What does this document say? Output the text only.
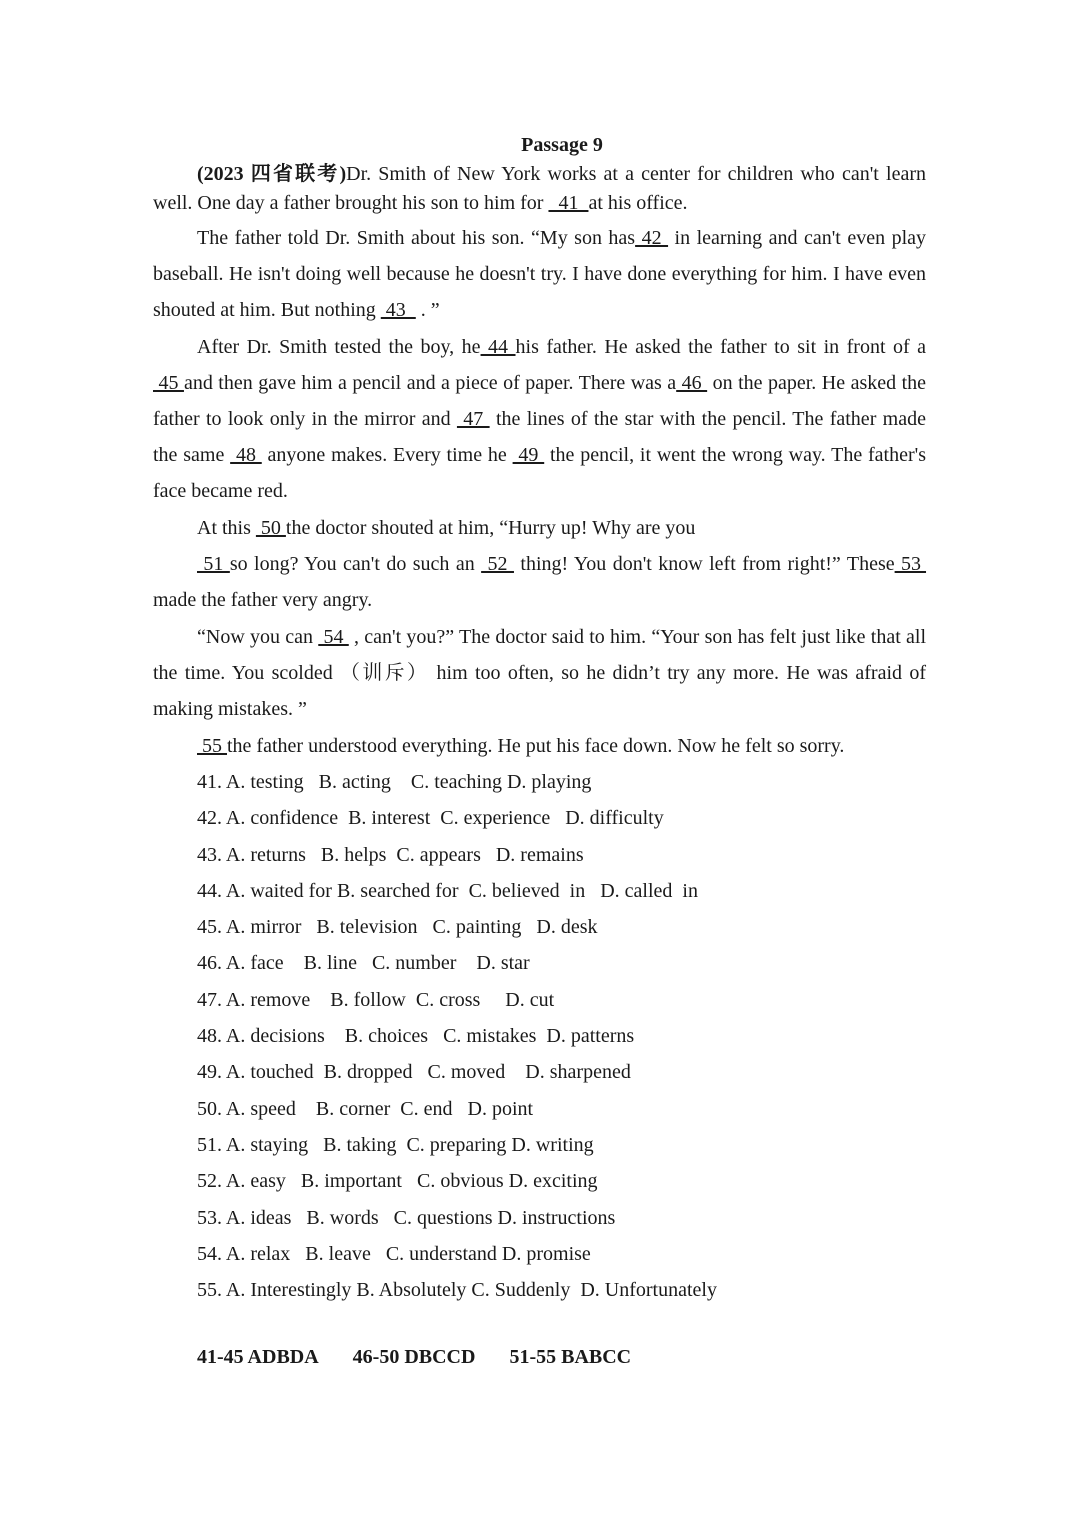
Passage 9

(2023 四省联考)Dr. Smith of New York works at a center for children who can't learn well. One day a father brought his son to him for   41  at his office.

The father told Dr. Smith about his son. “My son has 42  in learning and can't even play baseball. He isn't doing well because he doesn't try. I have done everything for him. I have even shouted at him. But nothing  43   . ”

After Dr. Smith tested the boy, he 44 his father. He asked the father to sit in front of a 45 and then gave him a pencil and a piece of paper. There was a 46  on the paper. He asked the father to look only in the mirror and  47  the lines of the star with the pencil. The father made the same  48  anyone makes. Every time he  49  the pencil, it went the wrong way. The father's face became red.

At this  50 the doctor shouted at him, “Hurry up! Why are you

51 so long? You can't do such an  52  thing! You don't know left from right!” These 53  made the father very angry.

“Now you can  54  , can't you?” The doctor said to him. “Your son has felt just like that all the time. You scolded （训斥） him too often, so he didn’t try any more. He was afraid of making mistakes. ”

55 the father understood everything. He put his face down. Now he felt so sorry.

41. A. testing   B. acting    C. teaching D. playing
42. A. confidence  B. interest  C. experience   D. difficulty
43. A. returns   B. helps  C. appears   D. remains
44. A. waited for B. searched for  C. believed  in   D. called  in
45. A. mirror   B. television   C. painting   D. desk
46. A. face    B. line   C. number    D. star
47. A. remove    B. follow  C. cross     D. cut
48. A. decisions    B. choices   C. mistakes  D. patterns
49. A. touched  B. dropped   C. moved    D. sharpened
50. A. speed    B. corner  C. end   D. point
51. A. staying   B. taking  C. preparing D. writing
52. A. easy   B. important   C. obvious D. exciting
53. A. ideas   B. words   C. questions D. instructions
54. A. relax   B. leave   C. understand D. promise
55. A. Interestingly B. Absolutely C. Suddenly  D. Unfortunately
41-45 ADBDA 46-50 DBCCD 51-55 BABCC
